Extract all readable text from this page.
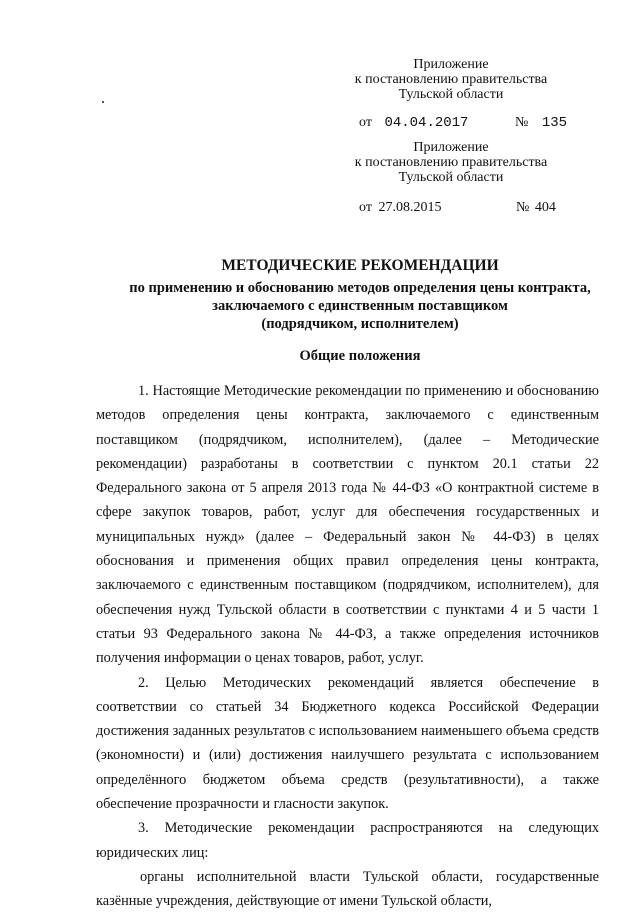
Приложение
к постановлению правительства
Тульской области
от 04.04.2017	№ 135
Приложение
к постановлению правительства
Тульской области
от 27.08.2015	№ 404
МЕТОДИЧЕСКИЕ РЕКОМЕНДАЦИИ
по применению и обоснованию методов определения цены контракта,
заключаемого с единственным поставщиком
(подрядчиком, исполнителем)
Общие положения

1. Настоящие Методические рекомендации по применению и обоснованию методов определения цены контракта, заключаемого с единственным поставщиком (подрядчиком, исполнителем), (далее – Методические рекомендации) разработаны в соответствии с пунктом 20.1 статьи 22 Федерального закона от 5 апреля 2013 года № 44-ФЗ «О контрактной системе в сфере закупок товаров, работ, услуг для обеспечения государственных и муниципальных нужд» (далее – Федеральный закон № 44-ФЗ) в целях обоснования и применения общих правил определения цены контракта, заключаемого с единственным поставщиком (подрядчиком, исполнителем), для обеспечения нужд Тульской области в соответствии с пунктами 4 и 5 части 1 статьи 93 Федерального закона № 44-ФЗ, а также определения источников получения информации о ценах товаров, работ, услуг.

2. Целью Методических рекомендаций является обеспечение в соответствии со статьей 34 Бюджетного кодекса Российской Федерации достижения заданных результатов с использованием наименьшего объема средств (экономности) и (или) достижения наилучшего результата с использованием определённого бюджетом объема средств (результативности), а также обеспечение прозрачности и гласности закупок.

3. Методические рекомендации распространяются на следующих юридических лиц:

органы исполнительной власти Тульской области, государственные казённые учреждения, действующие от имени Тульской области,
